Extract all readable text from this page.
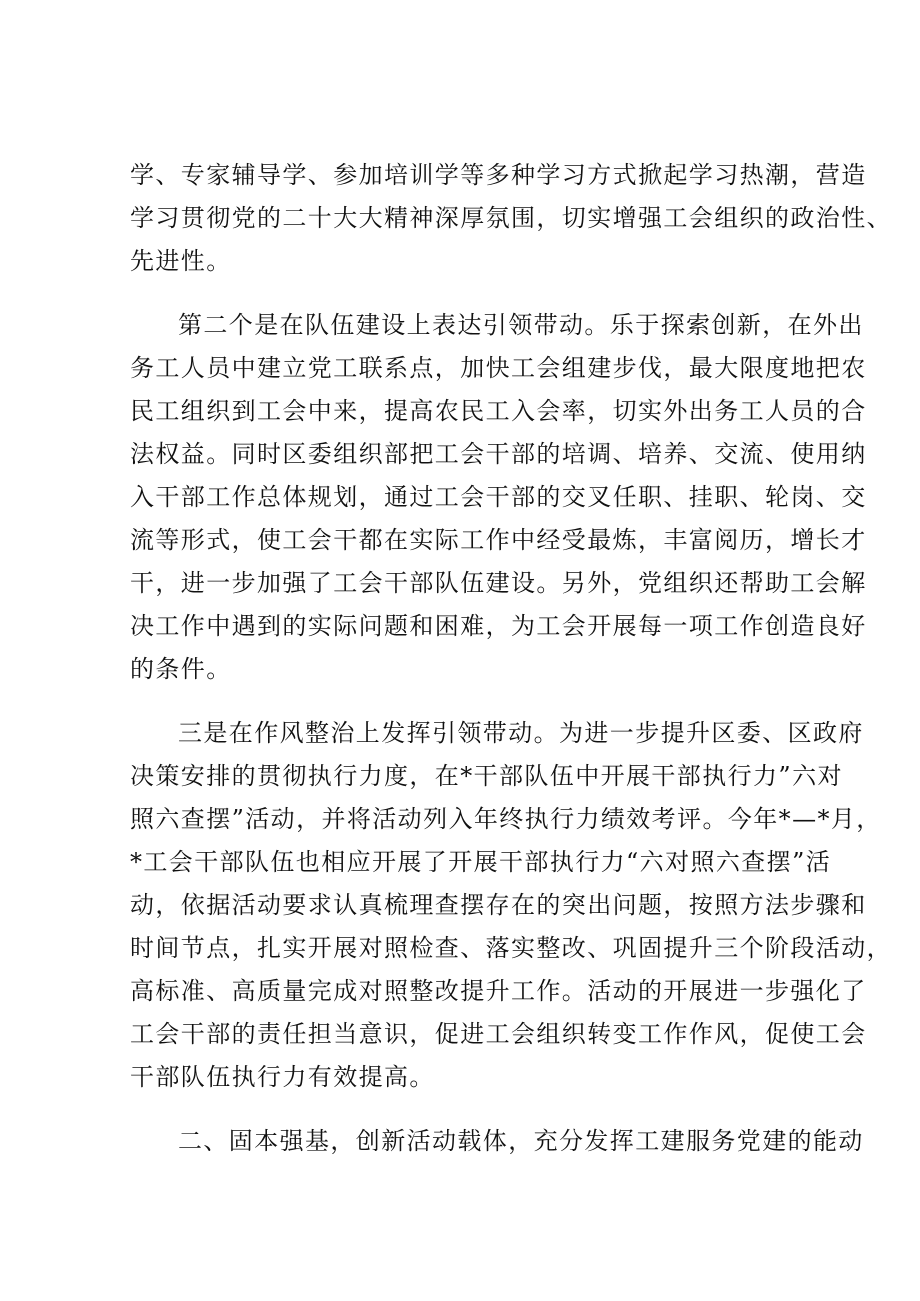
学、专家辅导学、参加培训学等多种学习方式掀起学习热潮，营造
学习贯彻党的二十大大精神深厚氛围，切实增强工会组织的政治性、
先进性。
第二个是在队伍建设上表达引领带动。乐于探索创新，在外出
务工人员中建立党工联系点，加快工会组建步伐，最大限度地把农
民工组织到工会中来，提高农民工入会率，切实外出务工人员的合
法权益。同时区委组织部把工会干部的培调、培养、交流、使用纳
入干部工作总体规划，通过工会干部的交叉任职、挂职、轮岗、交
流等形式，使工会干都在实际工作中经受最炼，丰富阅历，增长才
干，进一步加强了工会干部队伍建设。另外，党组织还帮助工会解
决工作中遇到的实际问题和困难，为工会开展每一项工作创造良好
的条件。
三是在作风整治上发挥引领带动。为进一步提升区委、区政府
决策安排的贯彻执行力度，在*干部队伍中开展干部执行力”六对
照六查摆”活动，并将活动列入年终执行力绩效考评。今年*—*月，
*工会干部队伍也相应开展了开展干部执行力“六对照六查摆”活
动，依据活动要求认真梳理查摆存在的突出问题，按照方法步骤和
时间节点，扎实开展对照检查、落实整改、巩固提升三个阶段活动，
高标准、高质量完成对照整改提升工作。活动的开展进一步强化了
工会干部的责任担当意识，促进工会组织转变工作作风，促使工会
干部队伍执行力有效提高。
二、固本强基，创新活动载体，充分发挥工建服务党建的能动
